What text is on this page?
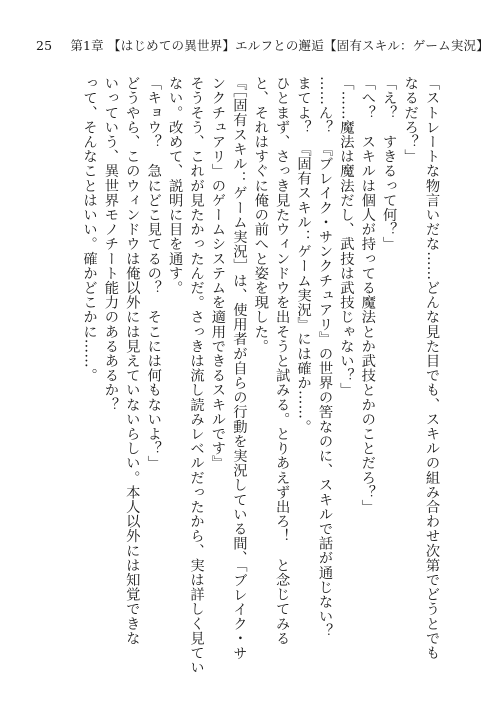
25 第1章 【はじめての異世界】エルフとの邂逅【固有スキル：ゲーム実況】
「ストレートな物言いだな……どんな見た目でも、スキルの組み合わせ次第でどうとでも
なるだろ？」
「え？　すきるって何？」
「へ？　スキルは個人が持ってる魔法とか武技とかのことだろ？」
「……魔法は魔法だし、武技は武技じゃない？」
……ん？　『ブレイク・サンクチュアリ』の世界の筈なのに、スキルで話が通じない？
まてよ？　『固有スキル：ゲーム実況』には確か……。
ひとまず、さっき見たウィンドウを出そうと試みる。とりあえず出ろ！　と念じてみる
と、それはすぐに俺の前へと姿を現した。
『［固有スキル：ゲーム実況］は、使用者が自らの行動を実況している間、「ブレイク・サ
ンクチュアリ」のゲームシステムを適用できるスキルです』
そうそう、これが見たかったんだ。さっきは流し読みレベルだったから、実は詳しく見てい
ない。改めて、説明に目を通す。
「キョウ？　急にどこ見てるの？　そこには何もないよ？」
どうやら、このウィンドウは俺以外には見えていないらしい。本人以外には知覚できな
いっていう、異世界モノチート能力のあるあるか？
って、そんなことはいい。確かどこかに……。
